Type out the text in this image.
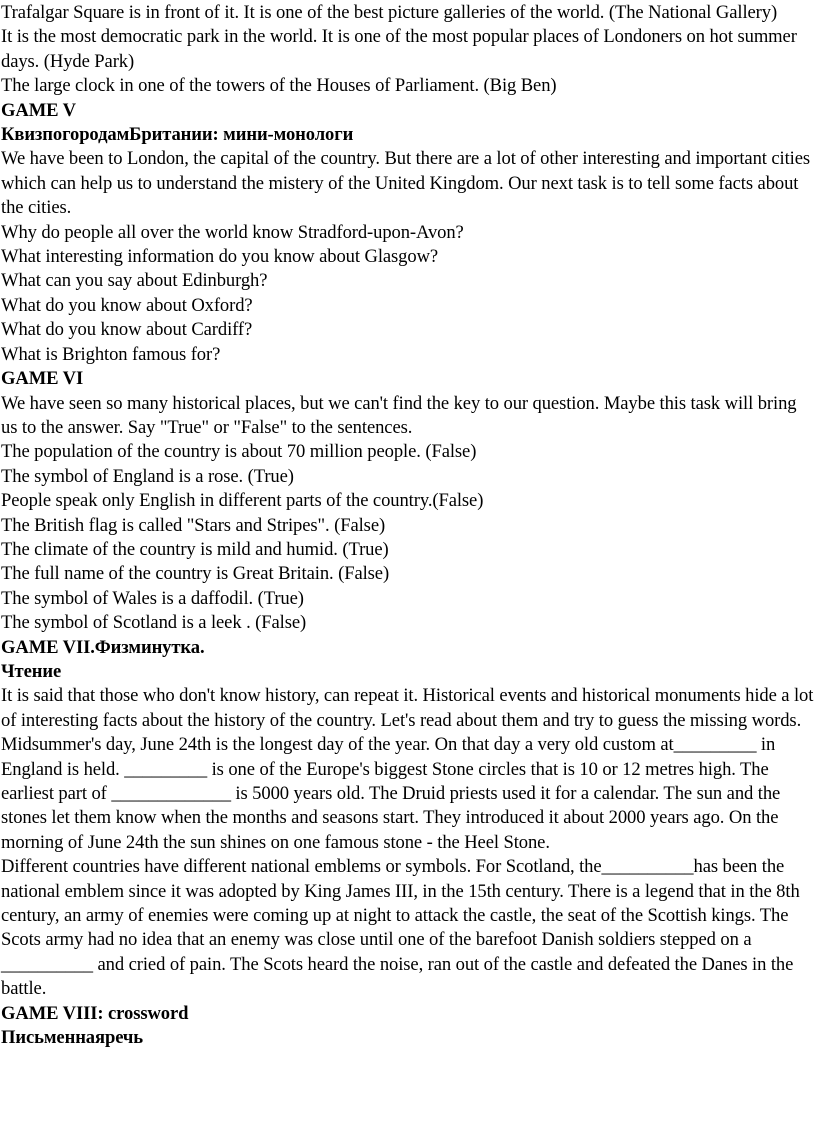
Trafalgar Square is in front of it. It is one of the best picture galleries of the world. (The National Gallery)

It is the most democratic park in the world. It is one of the most popular places of Londoners on hot summer days. (Hyde Park)

The large clock in one of the towers of the Houses of Parliament. (Big Ben)

GAME V

КвизпогородамБритании: мини-монологи

We have been to London, the capital of the country. But there are a lot of other interesting and important cities which can help us to understand the mistery of the United Kingdom. Our next task is to tell some facts about the cities.

Why do people all over the world know Stradford-upon-Avon?

What interesting information do you know about Glasgow?

What can you say about Edinburgh?

What do you know about Oxford?

What do you know about Cardiff?

What is Brighton famous for?

GAME VI

We have seen so many historical places, but we can't find the key to our question. Maybe this task will bring us to the answer. Say "True" or "False" to the sentences.

The population of the country is about 70 million people. (False)

The symbol of England is a rose. (True)

People speak only English in different parts of the country.(False)

The British flag is called "Stars and Stripes". (False)

The climate of the country is mild and humid. (True)

The full name of the country is Great Britain. (False)

The symbol of Wales is a daffodil. (True)

The symbol of Scotland is a leek . (False)

GAME VII.Физминутка.

Чтение

It is said that those who don't know history, can repeat it. Historical events and historical monuments hide a lot of interesting facts about the history of the country. Let's read about them and try to guess the missing words.

Midsummer's day, June 24th is the longest day of the year. On that day a very old custom at_________ in England is held. _________ is one of the Europe's biggest Stone circles that is 10 or 12 metres high. The earliest part of _____________ is 5000 years old. The Druid priests used it for a calendar. The sun and the stones let them know when the months and seasons start. They introduced it about 2000 years ago. On the morning of June 24th the sun shines on one famous stone - the Heel Stone.

Different countries have different national emblems or symbols. For Scotland, the__________has been the national emblem since it was adopted by King James III, in the 15th century. There is a legend that in the 8th century, an army of enemies were coming up at night to attack the castle, the seat of the Scottish kings. The Scots army had no idea that an enemy was close until one of the barefoot Danish soldiers stepped on a __________ and cried of pain. The Scots heard the noise, ran out of the castle and defeated the Danes in the battle.

GAME VIII: crossword

Письменнаяречь
